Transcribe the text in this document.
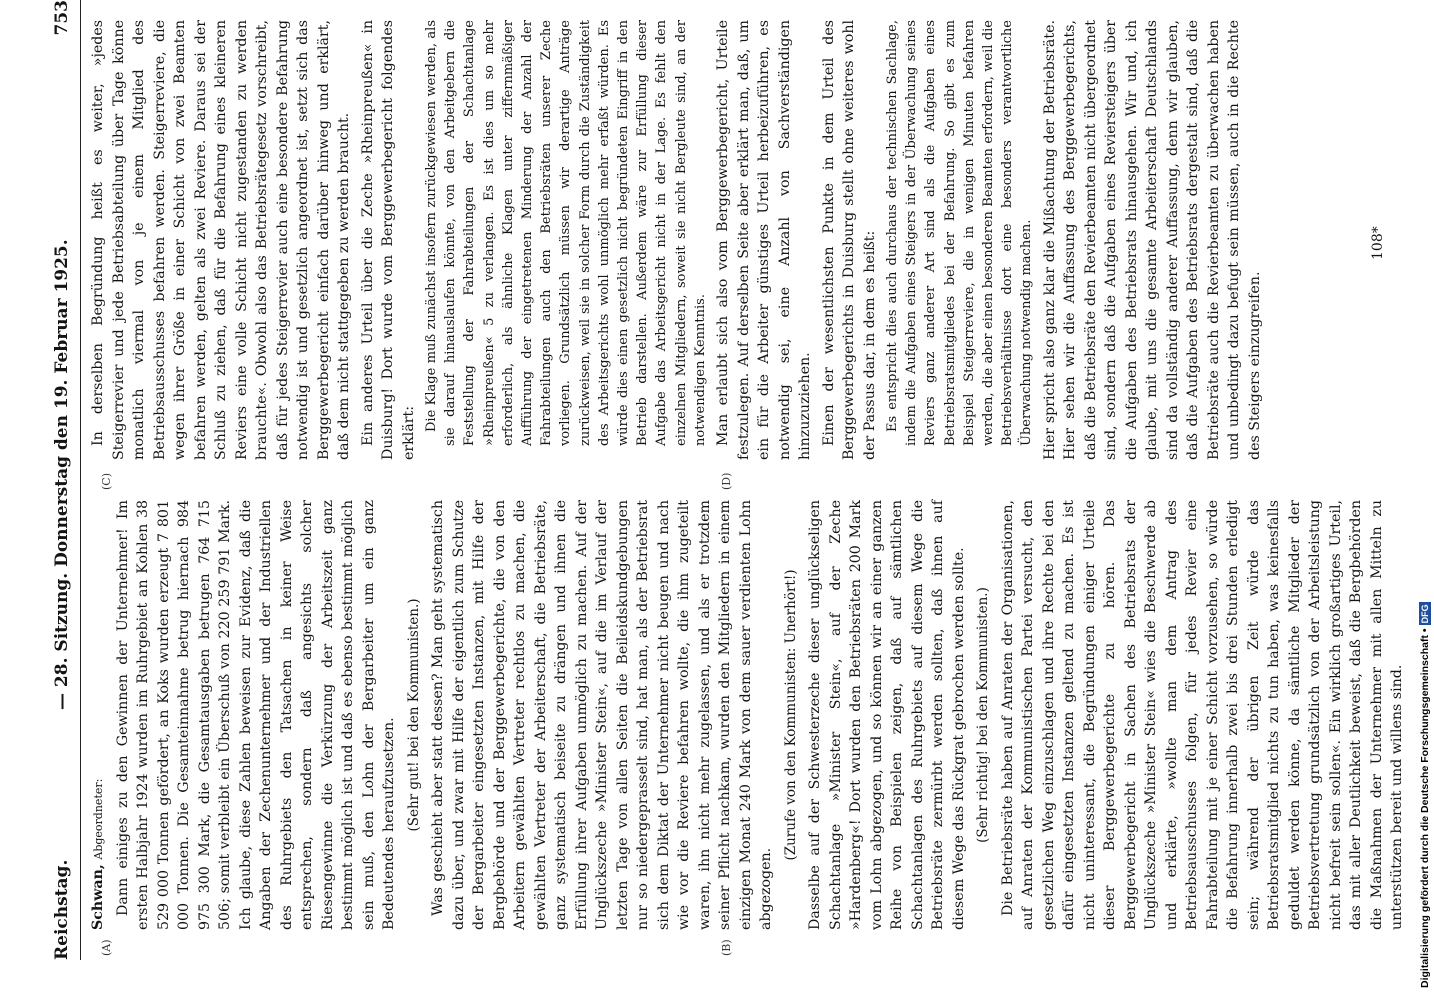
Reichstag.
— 28. Sitzung. Donnerstag den 19. Februar 1925.
753
(A)	(B)
(C)	(D)

Schwan, Abgeordneter: Dann einiges zu den Gewinnen der Unternehmer! Im ersten Halbjahr 1924 wurden im Ruhrgebiet an Kohlen 38 529 000 Tonnen gefördert, an Koks wurden erzeugt 7 801 000 Tonnen. Die Gesamteinnahme betrug hiernach 984 975 300 Mark, die Gesamtausgaben betrugen 764 715 506; somit verbleibt ein Überschuß von 220 259 791 Mark. Ich glaube, diese Zahlen beweisen zur Evidenz, daß die Angaben der Zechenunternehmer und der Industriellen des Ruhrgebiets den Tatsachen in keiner Weise entsprechen, sondern daß angesichts solcher Riesengewinne die Verkürzung der Arbeitszeit ganz bestimmt möglich ist und daß es ebenso bestimmt möglich sein muß, den Lohn der Bergarbeiter um ein ganz Bedeutendes heraufzusetzen. (Sehr gut! bei den Kommunisten.) Was geschieht aber statt dessen? Man geht systematisch dazu über, und zwar mit Hilfe der eigentlich zum Schutze der Bergarbeiter eingesetzten Instanzen, mit Hilfe der Bergbehörde und der Berggewerbegerichte, die von den Arbeitern gewählten Vertreter rechtlos zu machen, die gewählten Vertreter der Arbeiterschaft, die Betriebsräte, ganz systematisch beiseite zu drängen und ihnen die Erfüllung ihrer Aufgaben unmöglich zu machen. Auf der Unglückszeche »Minister Stein«, auf die im Verlauf der letzten Tage von allen Seiten die Beileidskundgebungen nur so niedergeprasselt sind, hat man, als der Betriebsrat sich dem Diktat der Unternehmer nicht beugen und nach wie vor die Reviere befahren wollte, die ihm zugeteilt waren, ihn nicht mehr zugelassen, und als er trotzdem seiner Pflicht nachkam, wurden den Mitgliedern in einem einzigen Monat 240 Mark von dem sauer verdienten Lohn abgezogen.

(Zurufe von den Kommunisten: Unerhört!) Dasselbe auf der Schwesterzeche dieser unglückseligen Schachtanlage »Minister Stein«, auf der Zeche »Hardenberg«! Dort wurden den Betriebsräten 200 Mark vom Lohn abgezogen, und so können wir an einer ganzen Reihe von Beispielen zeigen, daß auf sämtlichen Schachtanlagen des Ruhrgebiets auf diesem Wege die Betriebsräte zermürbt werden sollten, daß ihnen auf diesem Wege das Rückgrat gebrochen werden sollte. (Sehr richtig! bei den Kommunisten.) Die Betriebsräte haben auf Anraten der Organisationen, auf Anraten der Kommunistischen Partei versucht, den gesetzlichen Weg einzuschlagen und ihre Rechte bei den dafür eingesetzten Instanzen geltend zu machen. Es ist nicht uninteressant, die Begründungen einiger Urteile dieser Berggewerbegerichte zu hören. Das Berggewerbegericht in Sachen des Betriebsrats der Unglückszeche »Minister Stein« wies die Beschwerde ab und erklärte, »wollte man dem Antrag des Betriebsausschusses folgen, für jedes Revier eine Fahrabteilung mit je einer Schicht vorzusehen, so würde die Befahrung innerhalb zwei bis drei Stunden erledigt sein; während der übrigen Zeit würde das Betriebsratsmitglied nichts zu tun haben, was keinesfalls geduldet werden könne, da sämtliche Mitglieder der Betriebsvertretung grundsätzlich von der Arbeitsleistung nicht befreit sein sollen«. Ein wirklich großartiges Urteil, das mit aller Deutlichkeit beweist, daß die Bergbehörden die Maßnahmen der Unternehmer mit allen Mitteln zu unterstützen bereit und willens sind.

In derselben Begründung heißt es weiter, »jedes Steigerrevier und jede Betriebsabteilung über Tage könne monatlich viermal von je einem Mitglied des Betriebsausschusses befahren werden. Steigerreviere, die wegen ihrer Größe in einer Schicht von zwei Beamten befahren werden, gelten als zwei Reviere. Daraus sei der Schluß zu ziehen, daß für die Befahrung eines kleineren Reviers eine volle Schicht nicht zugestanden zu werden brauchte«. Obwohl also das Betriebsrätegesetz vorschreibt, daß für jedes Steigerrevier auch eine besondere Befahrung notwendig ist und gesetzlich angeordnet ist, setzt sich das Berggewerbegericht einfach darüber hinweg und erklärt, daß dem nicht stattgegeben zu werden braucht. Ein anderes Urteil über die Zeche »Rheinpreußen« in Duisburg! Dort wurde vom Berggewerbegericht folgendes erklärt:

Die Klage muß zunächst insofern zurückgewiesen werden, als sie darauf hinauslaufen könnte, von den Arbeitgebern die Feststellung der Fahrabteilungen der Schachtanlage »Rheinpreußen« 5 zu verlangen. Es ist dies um so mehr erforderlich, als ähnliche Klagen unter ziffernmäßiger Aufführung der eingetretenen Minderung der Anzahl der Fahrabteilungen auch den Betriebsräten unserer Zeche vorliegen. Grundsätzlich müssen wir derartige Anträge zurückweisen, weil sie in solcher Form durch die Zuständigkeit des Arbeitsgerichts wohl unmöglich mehr erfaßt würden. Es würde dies einen gesetzlich nicht begründeten Eingriff in den Betrieb darstellen. Außerdem wäre zur Erfüllung dieser Aufgabe das Arbeitsgericht nicht in der Lage. Es fehlt den einzelnen Mitgliedern, soweit sie nicht Bergleute sind, an der notwendigen Kenntnis. Man erlaubt sich also vom Berggewerbegericht, Urteile festzulegen. Auf derselben Seite aber erklärt man, daß, um ein für die Arbeiter günstiges Urteil herbeizuführen, es notwendig sei, eine Anzahl von Sachverständigen hinzuzuziehen. Einen der wesentlichsten Punkte in dem Urteil des Berggewerbegerichts in Duisburg stellt ohne weiteres wohl der Passus dar, in dem es heißt: Es entspricht dies auch durchaus der technischen Sachlage, indem die Aufgaben eines Steigers in der Überwachung seines Reviers ganz anderer Art sind als die Aufgaben eines Betriebsratsmitgliedes bei der Befahrung. So gibt es zum Beispiel Steigerreviere, die in wenigen Minuten befahren werden, die aber einen besonderen Beamten erfordern, weil die Betriebsverhältnisse dort eine besonders verantwortliche Überwachung notwendig machen. Hier spricht also ganz klar die Mißachtung der Betriebsräte. Hier sehen wir die Auffassung des Berggewerbegerichts, daß die Betriebsräte den Revierbeamten nicht übergeordnet sind, sondern daß die Aufgaben eines Reviersteigers über die Aufgaben des Betriebsrats hinausgehen. Wir und, ich glaube, mit uns die gesamte Arbeiterschaft Deutschlands sind da vollständig anderer Auffassung, denn wir glauben, daß die Aufgaben des Betriebsrats dergestalt sind, daß die Betriebsräte auch die Revierbeamten zu überwachen haben und unbedingt dazu befugt sein müssen, auch in die Rechte des Steigers einzugreifen.

108*
Digitalisierung gefördert durch die Deutsche Forschungsgemeinschaft •DFG
